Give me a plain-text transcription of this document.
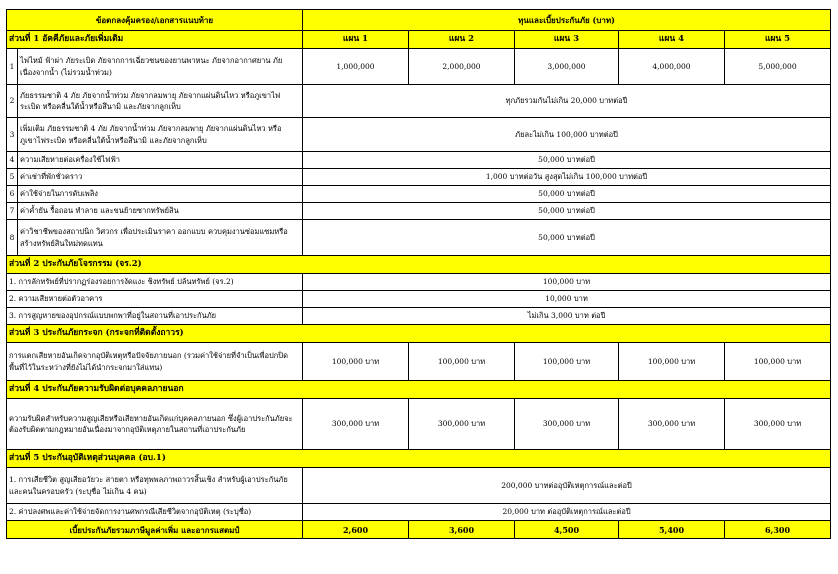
ข้อตกลงคุ้มครอง/เอกสารแนบท้าย		ทุนและเบี้ยประกันภัย (บาท)				
ส่วนที่ 1 อัคคีภัยและภัยเพิ่มเติม		แผน 1	แผน 2	แผน 3	แผน 4	แผน 5
1	ไฟไหม้ ฟ้าผ่า ภัยระเบิด ภัยจากการเฉี่ยวชนของยานพาหนะ ภัยจากอากาศยาน ภัยเนื่องจากน้ำ (ไม่รวมน้ำท่วม)	1,000,000	2,000,000	3,000,000	4,000,000	5,000,000
2	ภัยธรรมชาติ 4 ภัย ภัยจากน้ำท่วม ภัยจากลมพายุ ภัยจากแผ่นดินไหว หรือภูเขาไฟระเบิด หรือคลื่นใต้น้ำหรือสึนามิ และภัยจากลูกเห็บ	ทุกภัยรวมกันไม่เกิน 20,000 บาทต่อปี				
3	เพิ่มเติม ภัยธรรมชาติ 4 ภัย ภัยจากน้ำท่วม ภัยจากลมพายุ ภัยจากแผ่นดินไหว หรือภูเขาไฟระเบิด หรือคลื่นใต้น้ำหรือสึนามิ และภัยจากลูกเห็บ	ภัยละไม่เกิน 100,000 บาทต่อปี				
4	ความเสียหายต่อเครื่องใช้ไฟฟ้า	50,000 บาทต่อปี				
5	ค่าเช่าที่พักชั่วคราว	1,000 บาทต่อวัน สูงสุดไม่เกิน 100,000 บาทต่อปี				
6	ค่าใช้จ่ายในการดับเพลิง	50,000 บาทต่อปี				
7	ค่าค้ำยัน รื้อถอน ทำลาย และขนย้ายซากทรัพย์สิน	50,000 บาทต่อปี				
8	ค่าวิชาชีพของสถาปนิก วิศวกร เพื่อประเมินราคา ออกแบบ ควบคุมงานซ่อมแซมหรือสร้างทรัพย์สินใหม่ทดแทน	50,000 บาทต่อปี				
ส่วนที่ 2 ประกันภัยโจรกรรม (จร.2)						
1. การลักทรัพย์ที่ปรากฏร่องรอยการงัดแงะ ชิงทรัพย์ ปล้นทรัพย์ (จร.2)		100,000 บาท				
2. ความเสียหายต่อตัวอาคาร		10,000 บาท				
3. การสูญหายของอุปกรณ์แบบพกพาที่อยู่ในสถานที่เอาประกันภัย		ไม่เกิน 3,000 บาท ต่อปี				
ส่วนที่ 3 ประกันภัยกระจก (กระจกที่ติดตั้งถาวร)						
การแตกเสียหายอันเกิดจากอุบัติเหตุหรือปัจจัยภายนอก (รวมค่าใช้จ่ายที่จำเป็นเพื่อปกปิดพื้นที่ไว้ในระหว่างที่ยังไม่ได้นำกระจกมาใส่แทน)		100,000 บาท	100,000 บาท	100,000 บาท	100,000 บาท	100,000 บาท
ส่วนที่ 4 ประกันภัยความรับผิดต่อบุคคลภายนอก						
ความรับผิดสำหรับความสูญเสียหรือเสียหายอันเกิดแก่บุคคลภายนอก ซึ่งผู้เอาประกันภัยจะต้องรับผิดตามกฎหมายอันเนื่องมาจากอุบัติเหตุภายในสถานที่เอาประกันภัย		300,000 บาท	300,000 บาท	300,000 บาท	300,000 บาท	300,000 บาท
ส่วนที่ 5 ประกันอุบัติเหตุส่วนบุคคล (อบ.1)						
1. การเสียชีวิต สูญเสียอวัยวะ สายตา หรือทุพพลภาพถาวรสิ้นเชิง สำหรับผู้เอาประกันภัยและคนในครอบครัว (ระบุชื่อ ไม่เกิน 4 คน)		200,000 บาทต่ออุบัติเหตุการณ์และต่อปี				
2. ค่าปลงศพและค่าใช้จ่ายจัดการงานศพกรณีเสียชีวิตจากอุบัติเหตุ (ระบุชื่อ)		20,000 บาท ต่ออุบัติเหตุการณ์และต่อปี				
เบี้ยประกันภัยรวมภาษีมูลค่าเพิ่ม และอากรแสตมป์		2,600	3,600	4,500	5,400	6,300
